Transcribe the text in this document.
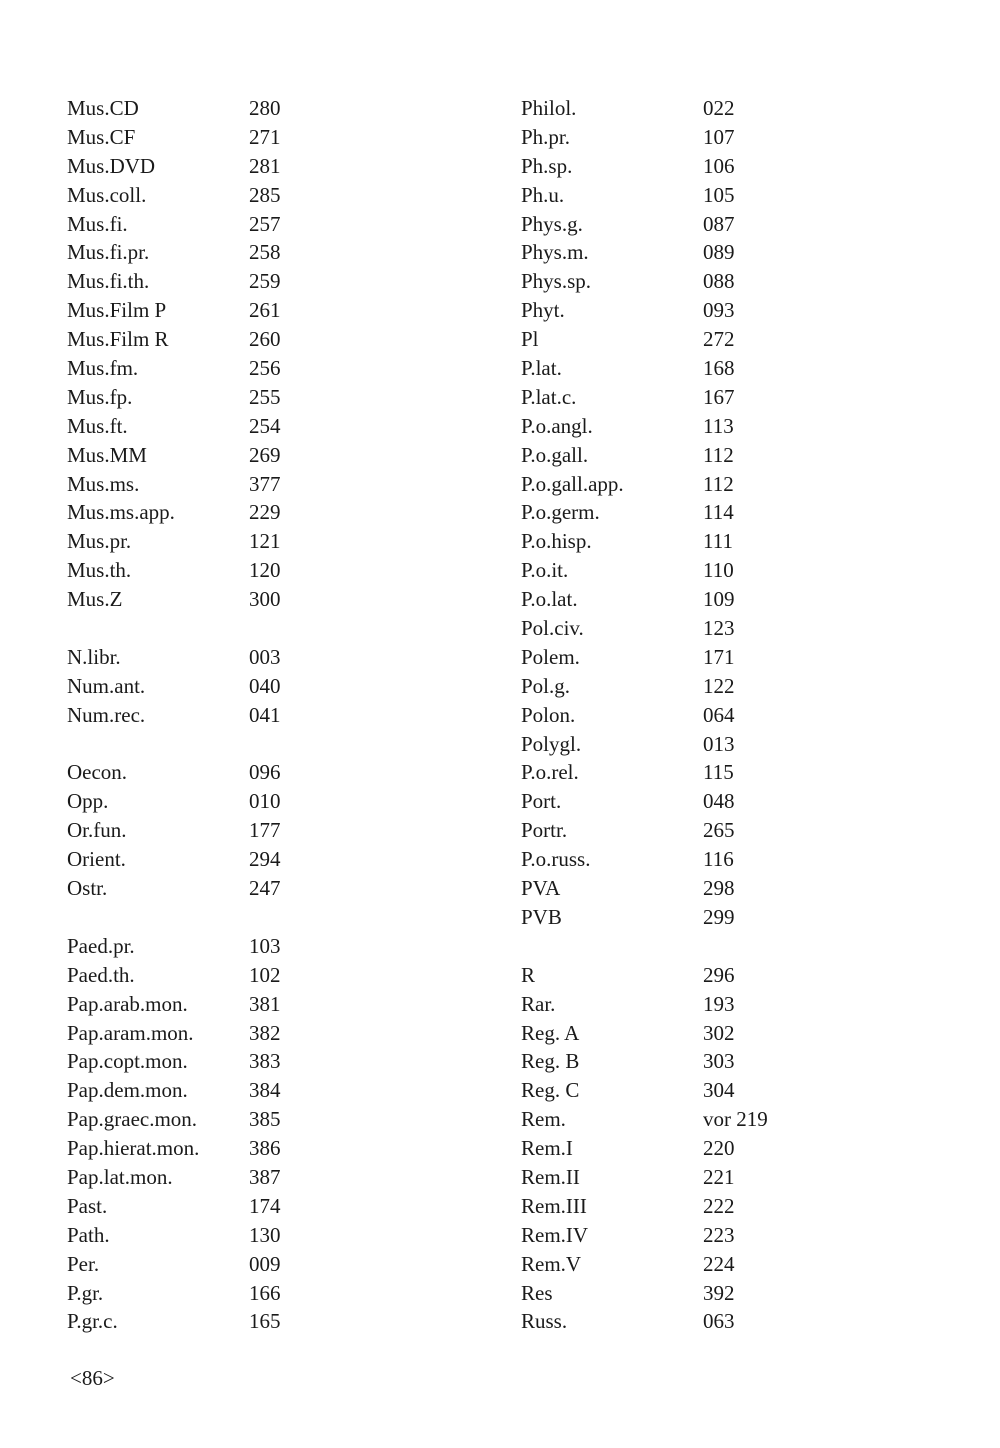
Mus.CD	280
Mus.CF	271
Mus.DVD	281
Mus.coll.	285
Mus.fi.	257
Mus.fi.pr.	258
Mus.fi.th.	259
Mus.Film P	261
Mus.Film R	260
Mus.fm.	256
Mus.fp.	255
Mus.ft.	254
Mus.MM	269
Mus.ms.	377
Mus.ms.app.	229
Mus.pr.	121
Mus.th.	120
Mus.Z	300
N.libr.	003
Num.ant.	040
Num.rec.	041
Oecon.	096
Opp.	010
Or.fun.	177
Orient.	294
Ostr.	247
Paed.pr.	103
Paed.th.	102
Pap.arab.mon.	381
Pap.aram.mon.	382
Pap.copt.mon.	383
Pap.dem.mon.	384
Pap.graec.mon.	385
Pap.hierat.mon.	386
Pap.lat.mon.	387
Past.	174
Path.	130
Per.	009
P.gr.	166
P.gr.c.	165
Philol.	022
Ph.pr.	107
Ph.sp.	106
Ph.u.	105
Phys.g.	087
Phys.m.	089
Phys.sp.	088
Phyt.	093
Pl	272
P.lat.	168
P.lat.c.	167
P.o.angl.	113
P.o.gall.	112
P.o.gall.app.	112
P.o.germ.	114
P.o.hisp.	111
P.o.it.	110
P.o.lat.	109
Pol.civ.	123
Polem.	171
Pol.g.	122
Polon.	064
Polygl.	013
P.o.rel.	115
Port.	048
Portr.	265
P.o.russ.	116
PVA	298
PVB	299
R	296
Rar.	193
Reg. A	302
Reg. B	303
Reg. C	304
Rem.	vor 219
Rem.I	220
Rem.II	221
Rem.III	222
Rem.IV	223
Rem.V	224
Res	392
Russ.	063
<86>
